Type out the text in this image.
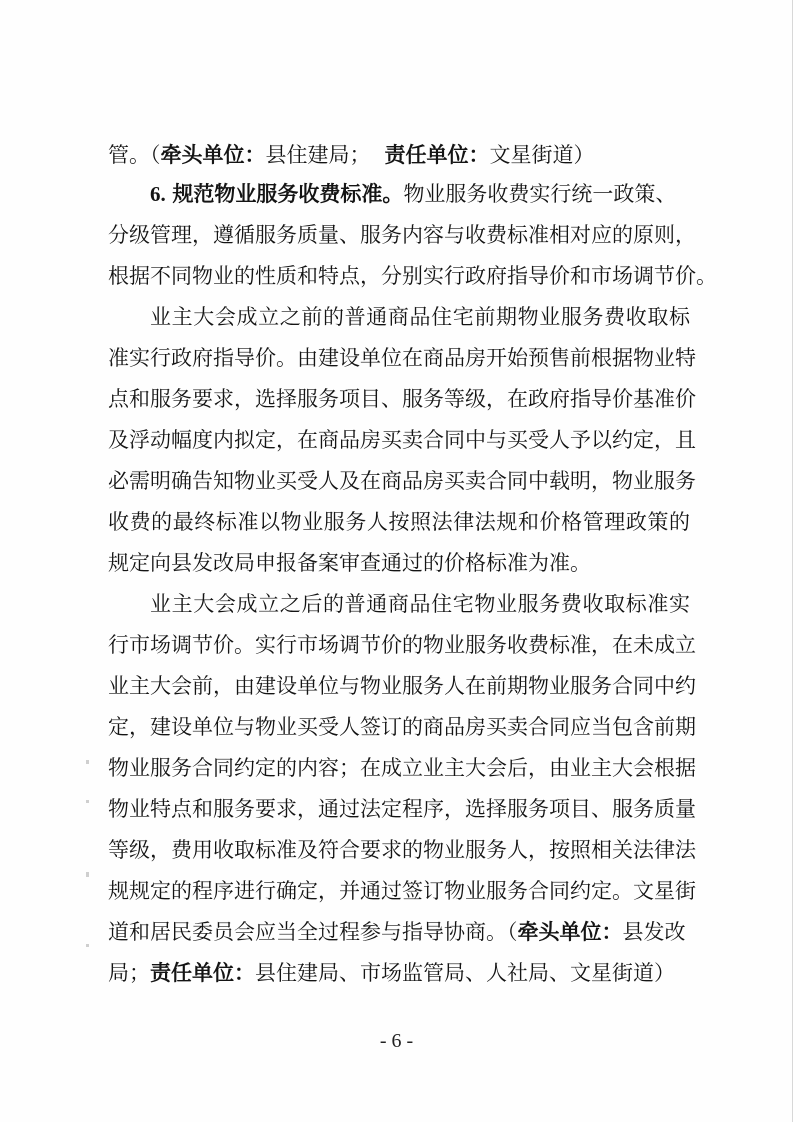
管。（牵头单位：县住建局； 责任单位：文星街道）
6. 规范物业服务收费标准。物业服务收费实行统一政策、
分级管理，遵循服务质量、服务内容与收费标准相对应的原则，
根据不同物业的性质和特点，分别实行政府指导价和市场调节价。
业主大会成立之前的普通商品住宅前期物业服务费收取标
准实行政府指导价。由建设单位在商品房开始预售前根据物业特
点和服务要求，选择服务项目、服务等级，在政府指导价基准价
及浮动幅度内拟定，在商品房买卖合同中与买受人予以约定，且
必需明确告知物业买受人及在商品房买卖合同中载明，物业服务
收费的最终标准以物业服务人按照法律法规和价格管理政策的
规定向县发改局申报备案审查通过的价格标准为准。
业主大会成立之后的普通商品住宅物业服务费收取标准实
行市场调节价。实行市场调节价的物业服务收费标准，在未成立
业主大会前，由建设单位与物业服务人在前期物业服务合同中约
定，建设单位与物业买受人签订的商品房买卖合同应当包含前期
物业服务合同约定的内容；在成立业主大会后，由业主大会根据
物业特点和服务要求，通过法定程序，选择服务项目、服务质量
等级，费用收取标准及符合要求的物业服务人，按照相关法律法
规规定的程序进行确定，并通过签订物业服务合同约定。文星街
道和居民委员会应当全过程参与指导协商。（牵头单位：县发改
局；责任单位：县住建局、市场监管局、人社局、文星街道）
- 6 -
